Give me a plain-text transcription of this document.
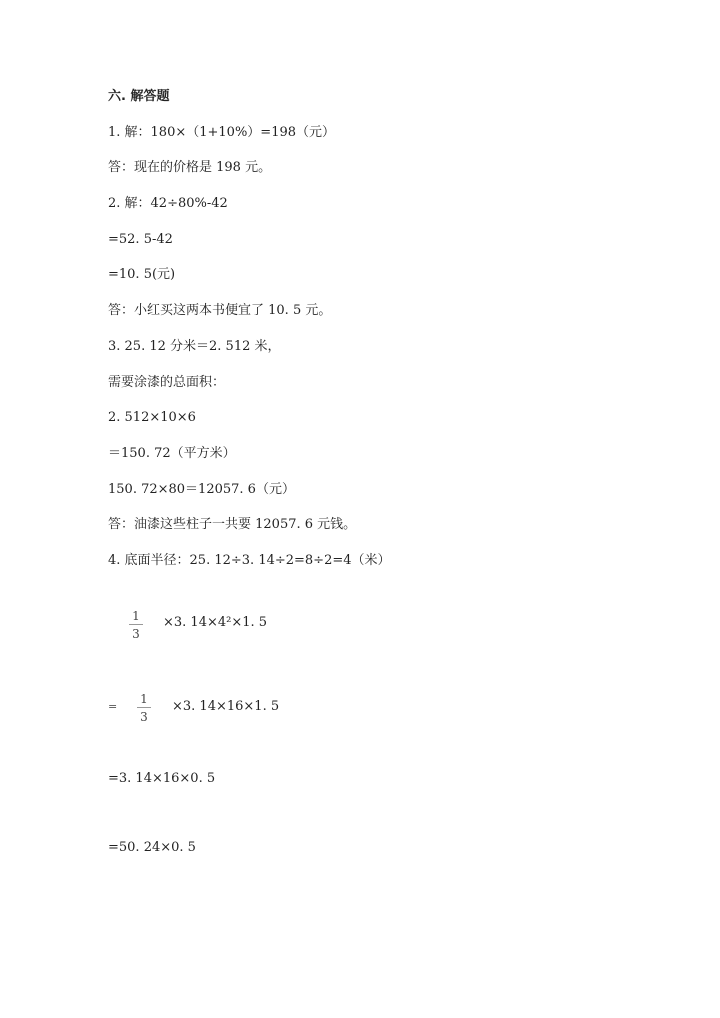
六. 解答题
1. 解：180×（1+10%）=198（元）
答：现在的价格是 198 元。
2. 解：42÷80%-42
=52. 5-42
=10. 5(元)
答：小红买这两本书便宜了 10. 5 元。
3. 25. 12 分米＝2. 512 米，
需要涂漆的总面积：
2. 512×10×6
＝150. 72（平方米）
150. 72×80＝12057. 6（元）
答：油漆这些柱子一共要 12057. 6 元钱。
4. 底面半径：25. 12÷3. 14÷2=8÷2=4（米）
1
3
×3. 14×4²×1. 5
=
1
3
×3. 14×16×1. 5
=3. 14×16×0. 5
=50. 24×0. 5
